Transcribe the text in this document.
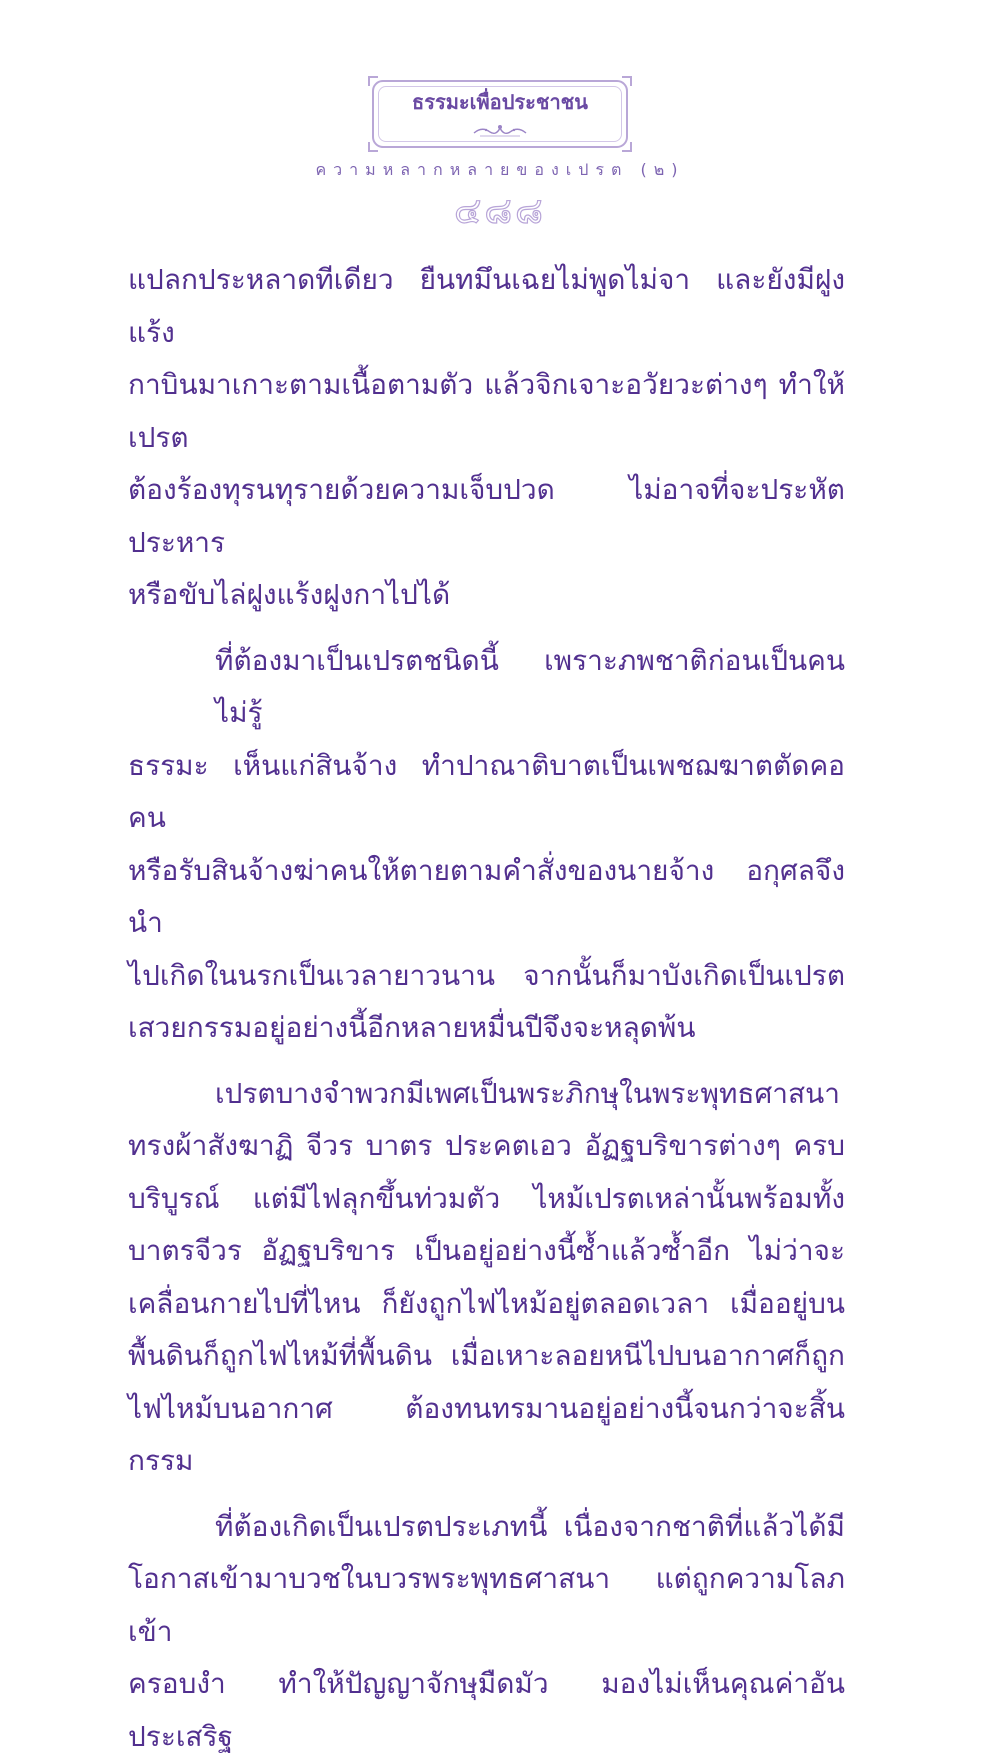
ธรรมะเพื่อประชาชน
ความหลากหลายของเปรต (๒)
๔๘๘
แปลกประหลาดทีเดียว ยืนทมึนเฉยไม่พูดไม่จา และยังมีฝูงแร้ง
กาบินมาเกาะตามเนื้อตามตัว แล้วจิกเจาะอวัยวะต่างๆ ทำให้เปรต
ต้องร้องทุรนทุรายด้วยความเจ็บปวด ไม่อาจที่จะประหัตประหาร
หรือขับไล่ฝูงแร้งฝูงกาไปได้
ที่ต้องมาเป็นเปรตชนิดนี้ เพราะภพชาติก่อนเป็นคนไม่รู้
ธรรมะ เห็นแก่สินจ้าง ทำปาณาติบาตเป็นเพชฌฆาตตัดคอคน
หรือรับสินจ้างฆ่าคนให้ตายตามคำสั่งของนายจ้าง อกุศลจึงนำ
ไปเกิดในนรกเป็นเวลายาวนาน จากนั้นก็มาบังเกิดเป็นเปรต
เสวยกรรมอยู่อย่างนี้อีกหลายหมื่นปีจึงจะหลุดพ้น
เปรตบางจำพวกมีเพศเป็นพระภิกษุในพระพุทธศาสนา
ทรงผ้าสังฆาฏิ จีวร บาตร ประคตเอว อัฏฐบริขารต่างๆ ครบ
บริบูรณ์ แต่มีไฟลุกขึ้นท่วมตัว ไหม้เปรตเหล่านั้นพร้อมทั้ง
บาตรจีวร อัฏฐบริขาร เป็นอยู่อย่างนี้ซ้ำแล้วซ้ำอีก ไม่ว่าจะ
เคลื่อนกายไปที่ไหน ก็ยังถูกไฟไหม้อยู่ตลอดเวลา เมื่ออยู่บน
พื้นดินก็ถูกไฟไหม้ที่พื้นดิน เมื่อเหาะลอยหนีไปบนอากาศก็ถูก
ไฟไหม้บนอากาศ ต้องทนทรมานอยู่อย่างนี้จนกว่าจะสิ้นกรรม
ที่ต้องเกิดเป็นเปรตประเภทนี้ เนื่องจากชาติที่แล้วได้มี
โอกาสเข้ามาบวชในบวรพระพุทธศาสนา แต่ถูกความโลภเข้า
ครอบงำ ทำให้ปัญญาจักษุมืดมัว มองไม่เห็นคุณค่าอันประเสริฐ
